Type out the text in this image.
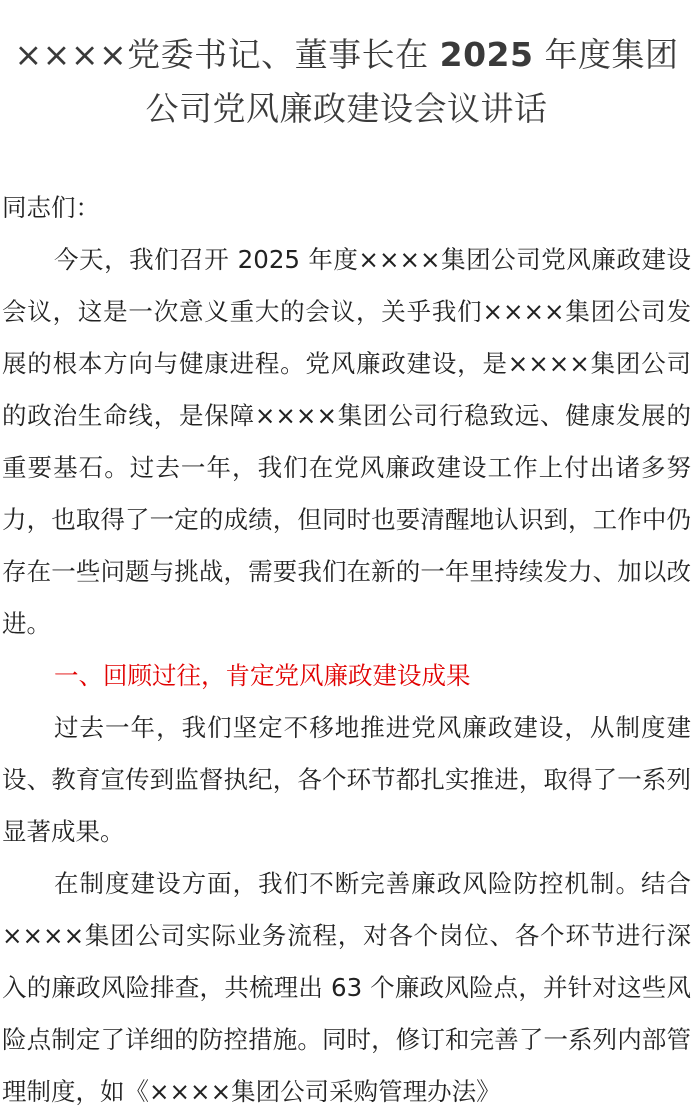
××××党委书记、董事长在 2025 年度集团公司党风廉政建设会议讲话

同志们：

今天，我们召开 2025 年度××××集团公司党风廉政建设会议，这是一次意义重大的会议，关乎我们××××集团公司发展的根本方向与健康进程。党风廉政建设，是××××集团公司的政治生命线，是保障××××集团公司行稳致远、健康发展的重要基石。过去一年，我们在党风廉政建设工作上付出诸多努力，也取得了一定的成绩，但同时也要清醒地认识到，工作中仍存在一些问题与挑战，需要我们在新的一年里持续发力、加以改进。

一、回顾过往，肯定党风廉政建设成果

过去一年，我们坚定不移地推进党风廉政建设，从制度建设、教育宣传到监督执纪，各个环节都扎实推进，取得了一系列显著成果。

在制度建设方面，我们不断完善廉政风险防控机制。结合××××集团公司实际业务流程，对各个岗位、各个环节进行深入的廉政风险排查，共梳理出 63 个廉政风险点，并针对这些风险点制定了详细的防控措施。同时，修订和完善了一系列内部管理制度，如《××××集团公司采购管理办法》
